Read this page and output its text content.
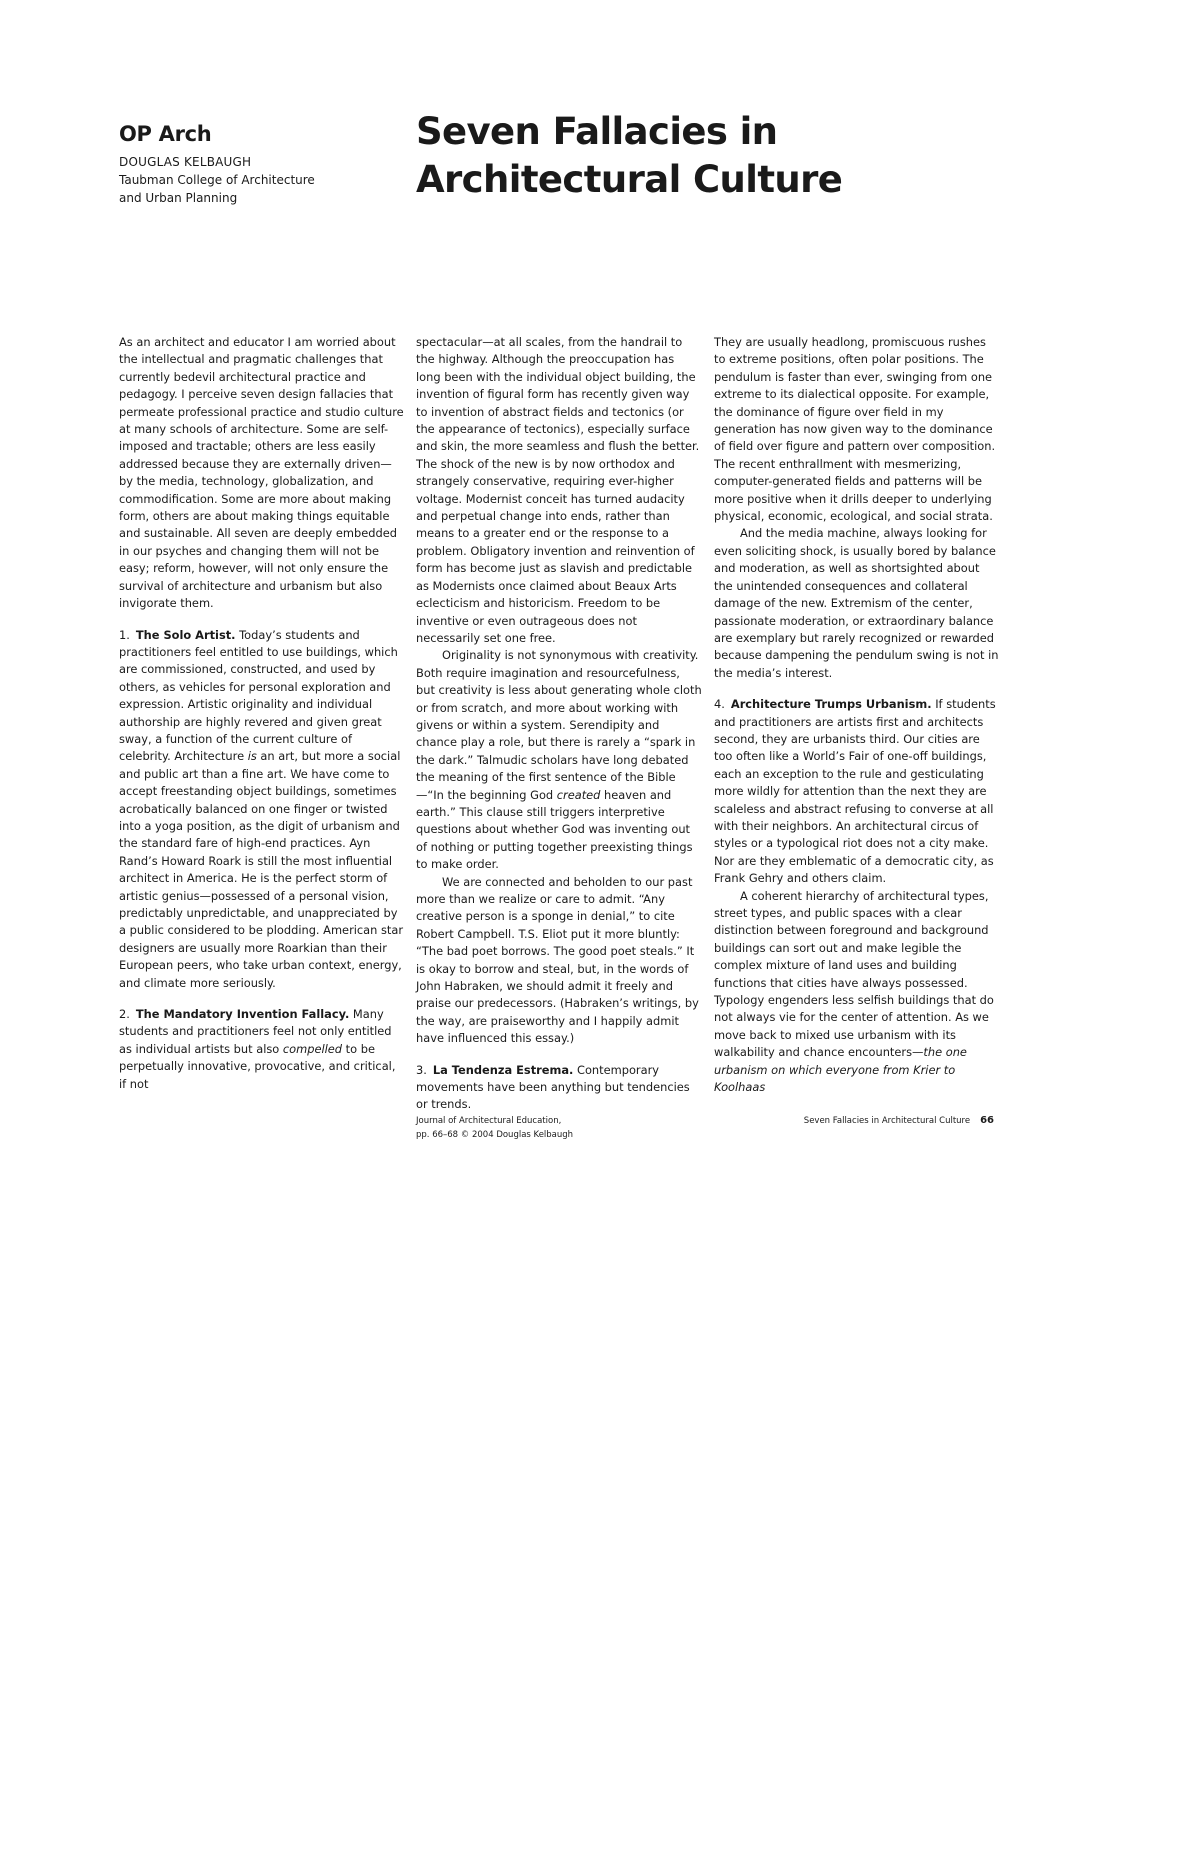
OP Arch
DOUGLAS KELBAUGH
Taubman College of Architecture
and Urban Planning
Seven Fallacies in
Architectural Culture

As an architect and educator I am worried about the intellectual and pragmatic challenges that currently bedevil architectural practice and pedagogy. I perceive seven design fallacies that permeate professional practice and studio culture at many schools of architecture. Some are self-imposed and tractable; others are less easily addressed because they are externally driven—by the media, technology, globalization, and commodification. Some are more about making form, others are about making things equitable and sustainable. All seven are deeply embedded in our psyches and changing them will not be easy; reform, however, will not only ensure the survival of architecture and urbanism but also invigorate them.

1. The Solo Artist. Today’s students and practitioners feel entitled to use buildings, which are commissioned, constructed, and used by others, as vehicles for personal exploration and expression. Artistic originality and individual authorship are highly revered and given great sway, a function of the current culture of celebrity. Architecture is an art, but more a social and public art than a fine art. We have come to accept freestanding object buildings, sometimes acrobatically balanced on one finger or twisted into a yoga position, as the digit of urbanism and the standard fare of high-end practices. Ayn Rand’s Howard Roark is still the most influential architect in America. He is the perfect storm of artistic genius—possessed of a personal vision, predictably unpredictable, and unappreciated by a public considered to be plodding. American star designers are usually more Roarkian than their European peers, who take urban context, energy, and climate more seriously.

2. The Mandatory Invention Fallacy. Many students and practitioners feel not only entitled as individual artists but also compelled to be perpetually innovative, provocative, and critical, if not

spectacular—at all scales, from the handrail to the highway. Although the preoccupation has long been with the individual object building, the invention of figural form has recently given way to invention of abstract fields and tectonics (or the appearance of tectonics), especially surface and skin, the more seamless and flush the better. The shock of the new is by now orthodox and strangely conservative, requiring ever-higher voltage. Modernist conceit has turned audacity and perpetual change into ends, rather than means to a greater end or the response to a problem. Obligatory invention and reinvention of form has become just as slavish and predictable as Modernists once claimed about Beaux Arts eclecticism and historicism. Freedom to be inventive or even outrageous does not necessarily set one free.

Originality is not synonymous with creativity. Both require imagination and resourcefulness, but creativity is less about generating whole cloth or from scratch, and more about working with givens or within a system. Serendipity and chance play a role, but there is rarely a “spark in the dark.” Talmudic scholars have long debated the meaning of the first sentence of the Bible—“In the beginning God created heaven and earth.” This clause still triggers interpretive questions about whether God was inventing out of nothing or putting together preexisting things to make order.

We are connected and beholden to our past more than we realize or care to admit. “Any creative person is a sponge in denial,” to cite Robert Campbell. T.S. Eliot put it more bluntly: “The bad poet borrows. The good poet steals.” It is okay to borrow and steal, but, in the words of John Habraken, we should admit it freely and praise our predecessors. (Habraken’s writings, by the way, are praiseworthy and I happily admit have influenced this essay.)

3. La Tendenza Estrema. Contemporary movements have been anything but tendencies or trends.

They are usually headlong, promiscuous rushes to extreme positions, often polar positions. The pendulum is faster than ever, swinging from one extreme to its dialectical opposite. For example, the dominance of figure over field in my generation has now given way to the dominance of field over figure and pattern over composition. The recent enthrallment with mesmerizing, computer-generated fields and patterns will be more positive when it drills deeper to underlying physical, economic, ecological, and social strata.

And the media machine, always looking for even soliciting shock, is usually bored by balance and moderation, as well as shortsighted about the unintended consequences and collateral damage of the new. Extremism of the center, passionate moderation, or extraordinary balance are exemplary but rarely recognized or rewarded because dampening the pendulum swing is not in the media’s interest.

4. Architecture Trumps Urbanism. If students and practitioners are artists first and architects second, they are urbanists third. Our cities are too often like a World’s Fair of one-off buildings, each an exception to the rule and gesticulating more wildly for attention than the next they are scaleless and abstract refusing to converse at all with their neighbors. An architectural circus of styles or a typological riot does not a city make. Nor are they emblematic of a democratic city, as Frank Gehry and others claim.

A coherent hierarchy of architectural types, street types, and public spaces with a clear distinction between foreground and background buildings can sort out and make legible the complex mixture of land uses and building functions that cities have always possessed. Typology engenders less selfish buildings that do not always vie for the center of attention. As we move back to mixed use urbanism with its walkability and chance encounters—the one urbanism on which everyone from Krier to Koolhaas

Journal of Architectural Education,
pp. 66–68 © 2004 Douglas Kelbaugh
Seven Fallacies in Architectural Culture 66
